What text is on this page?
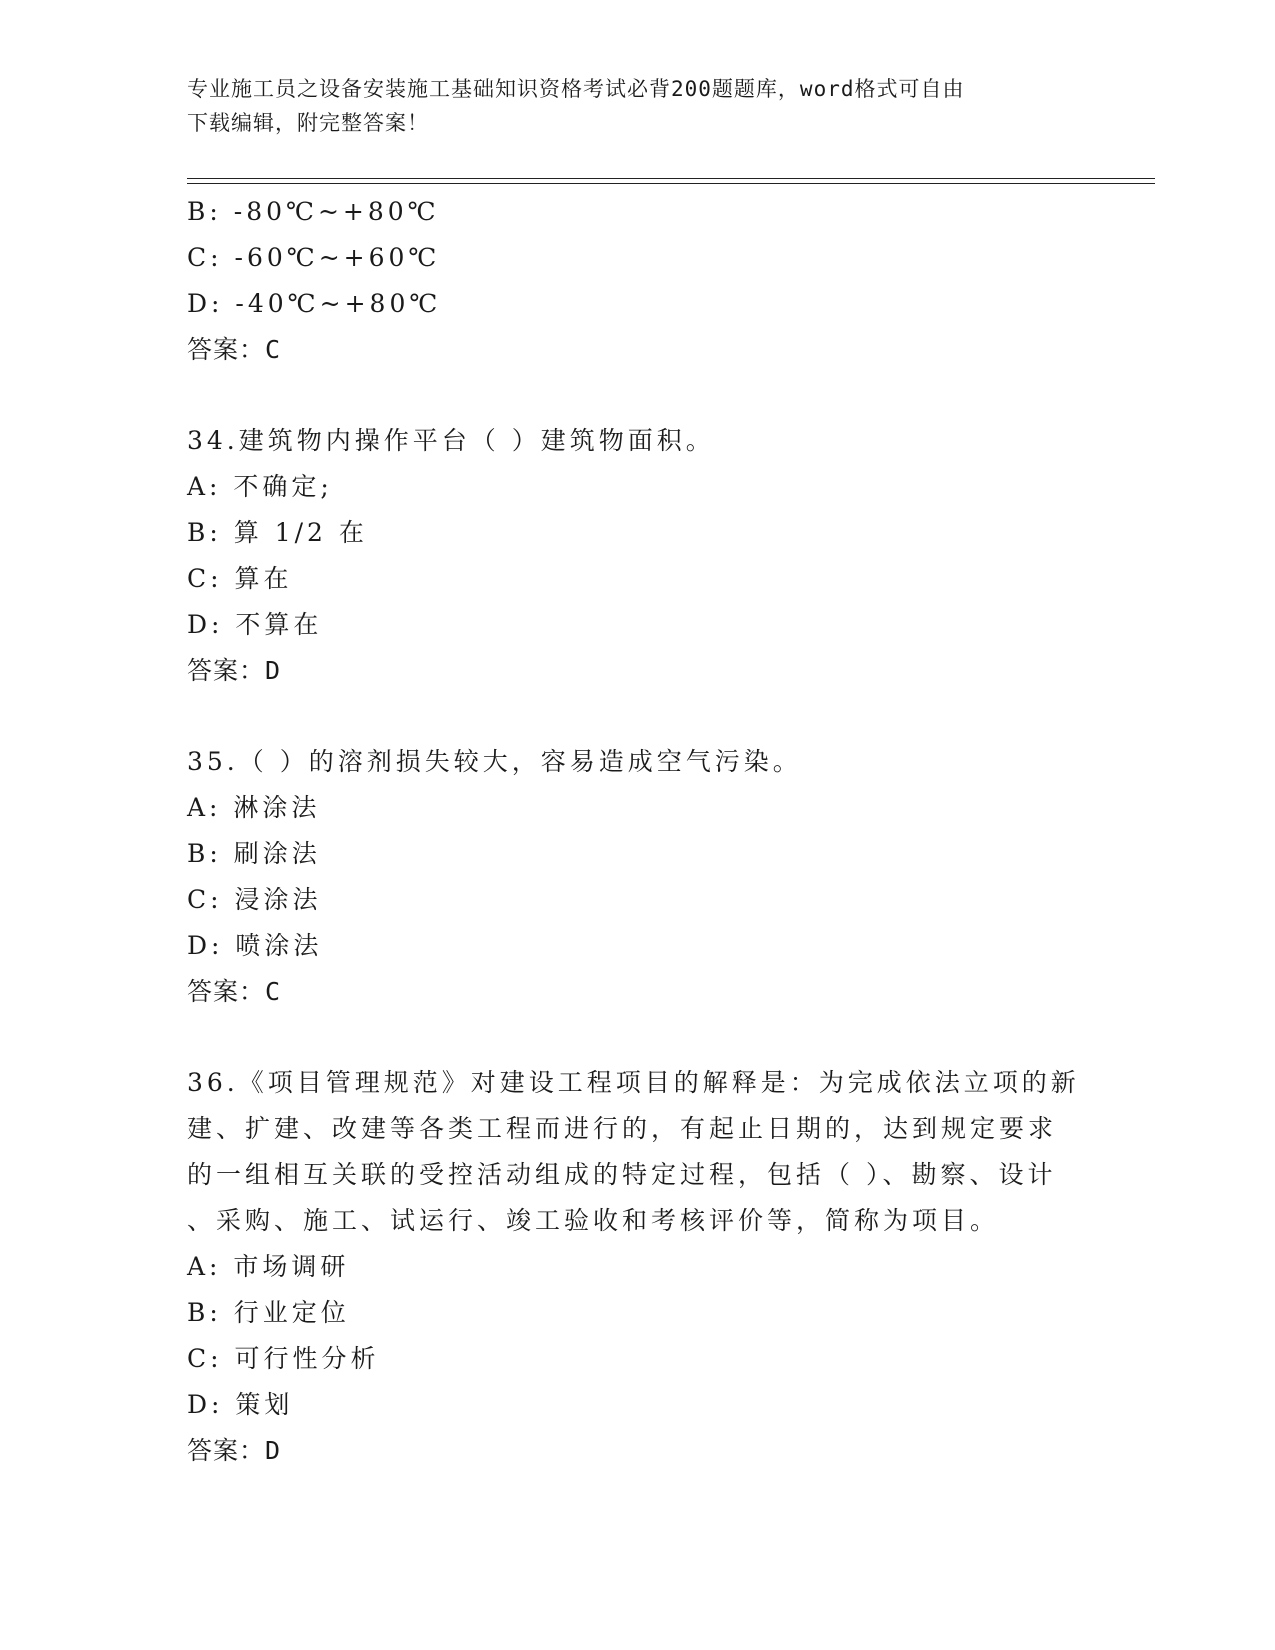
专业施工员之设备安装施工基础知识资格考试必背200题题库，word格式可自由
下载编辑，附完整答案！
B: -80℃~+80℃
C: -60℃~+60℃
D: -40℃~+80℃
答案：C
34.建筑物内操作平台（ ）建筑物面积。
A: 不确定;
B: 算 1/2 在
C: 算在
D: 不算在
答案：D
35.（ ）的溶剂损失较大，容易造成空气污染。
A: 淋涂法
B: 刷涂法
C: 浸涂法
D: 喷涂法
答案：C
36.《项目管理规范》对建设工程项目的解释是：为完成依法立项的新
建、扩建、改建等各类工程而进行的，有起止日期的，达到规定要求
的一组相互关联的受控活动组成的特定过程，包括（ ）、勘察、设计
、采购、施工、试运行、竣工验收和考核评价等，简称为项目。
A: 市场调研
B: 行业定位
C: 可行性分析
D: 策划
答案：D
